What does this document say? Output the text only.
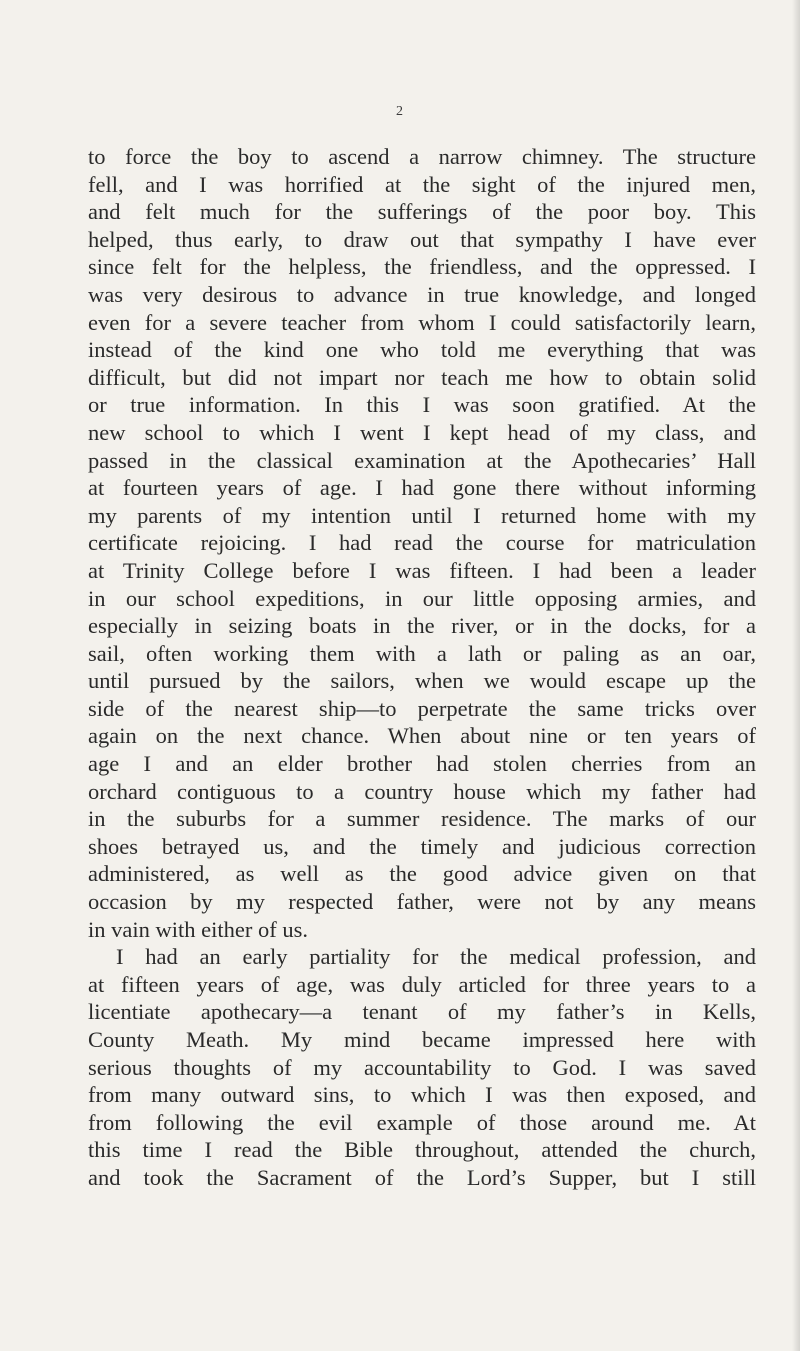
2
to force the boy to ascend a narrow chimney. The structure
fell, and I was horrified at the sight of the injured men,
and felt much for the sufferings of the poor boy. This
helped, thus early, to draw out that sympathy I have ever
since felt for the helpless, the friendless, and the oppressed. I
was very desirous to advance in true knowledge, and longed
even for a severe teacher from whom I could satisfactorily learn,
instead of the kind one who told me everything that was
difficult, but did not impart nor teach me how to obtain solid
or true information. In this I was soon gratified. At the
new school to which I went I kept head of my class, and
passed in the classical examination at the Apothecaries’ Hall
at fourteen years of age. I had gone there without informing
my parents of my intention until I returned home with my
certificate rejoicing. I had read the course for matriculation
at Trinity College before I was fifteen. I had been a leader
in our school expeditions, in our little opposing armies, and
especially in seizing boats in the river, or in the docks, for a
sail, often working them with a lath or paling as an oar,
until pursued by the sailors, when we would escape up the
side of the nearest ship—to perpetrate the same tricks over
again on the next chance. When about nine or ten years of
age I and an elder brother had stolen cherries from an
orchard contiguous to a country house which my father had
in the suburbs for a summer residence. The marks of our
shoes betrayed us, and the timely and judicious correction
administered, as well as the good advice given on that
occasion by my respected father, were not by any means
in vain with either of us.
I had an early partiality for the medical profession, and
at fifteen years of age, was duly articled for three years to a
licentiate apothecary—a tenant of my father’s in Kells,
County Meath. My mind became impressed here with
serious thoughts of my accountability to God. I was saved
from many outward sins, to which I was then exposed, and
from following the evil example of those around me. At
this time I read the Bible throughout, attended the church,
and took the Sacrament of the Lord’s Supper, but I still
